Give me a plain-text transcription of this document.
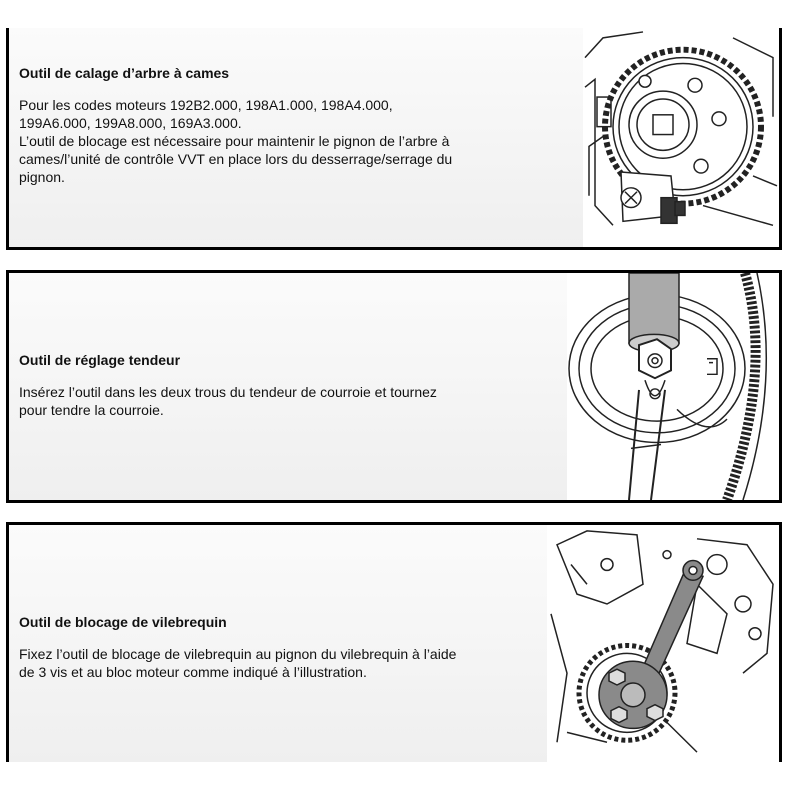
Outil de calage d’arbre à cames

Pour les codes moteurs 192B2.000, 198A1.000, 198A4.000,
199A6.000, 199A8.000, 169A3.000.
L’outil de blocage est nécessaire pour maintenir le pignon de l’arbre à
cames/l’unité de contrôle VVT en place lors du desserrage/serrage du
pignon.

Outil de réglage tendeur

Insérez l’outil dans les deux trous du tendeur de courroie et tournez
pour tendre la courroie.

Outil de blocage de vilebrequin

Fixez l’outil de blocage de vilebrequin au pignon du vilebrequin à l’aide
de 3 vis et au bloc moteur comme indiqué à l’illustration.
